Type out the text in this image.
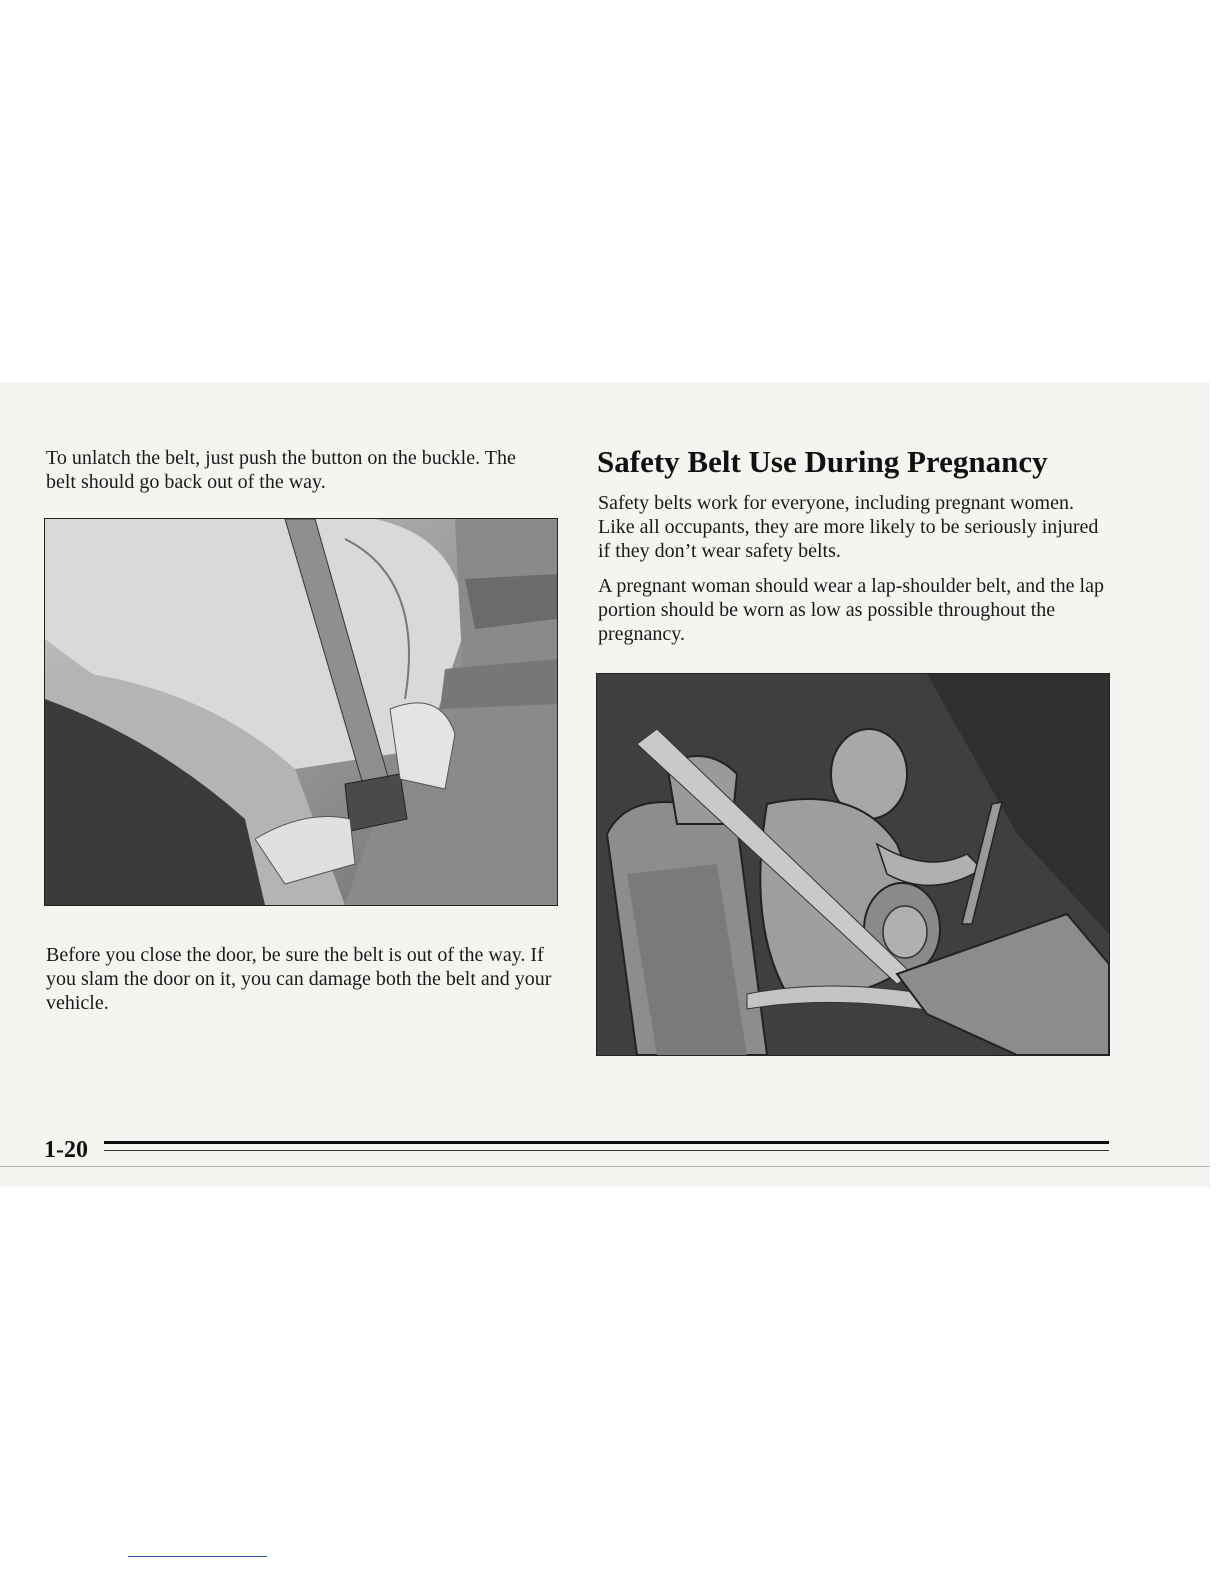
To unlatch the belt, just push the button on the buckle. The belt should go back out of the way.

Before you close the door, be sure the belt is out of the way. If you slam the door on it, you can damage both the belt and your vehicle.

Safety Belt Use During Pregnancy

Safety belts work for everyone, including pregnant women. Like all occupants, they are more likely to be seriously injured if they don’t wear safety belts.

A pregnant woman should wear a lap-shoulder belt, and the lap portion should be worn as low as possible throughout the pregnancy.

1-20
